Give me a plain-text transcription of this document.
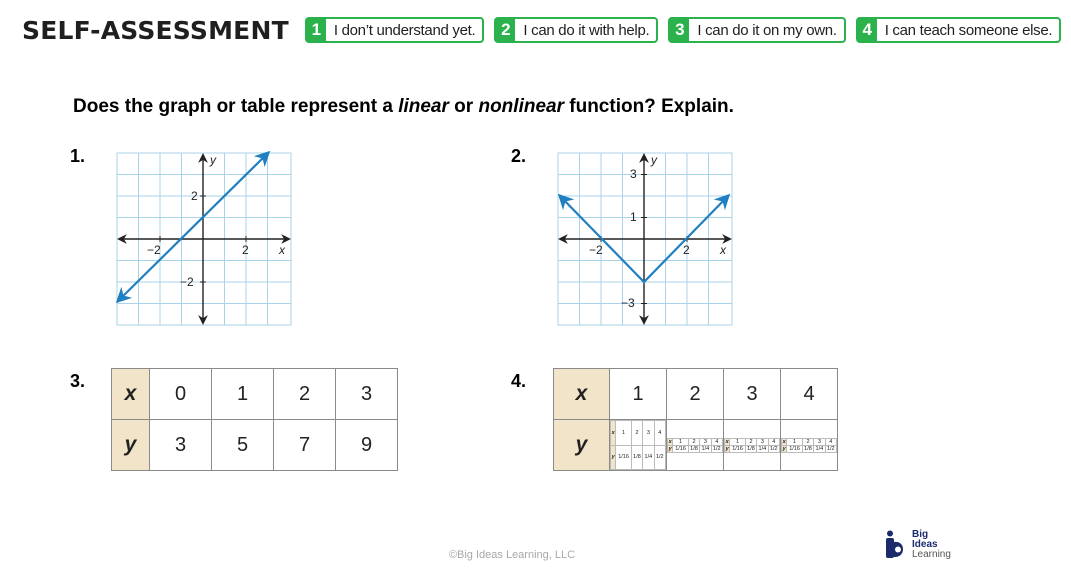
SELF-ASSESSMENT 1 I don’t understand yet.	2 I can do it with help.	3 I can do it on my own.	4 I can teach someone else.
Does the graph or table represent a linear or nonlinear function? Explain.
1.	2.
3.	4.
−2	2
2
−2
x
y
−2	2
3
1
−3
x
y
x	0	1	2	3
y	3	5	7	9
x	1	2	3	4
y	
x	1	2	3	4
y	1/16	1/8	1/4	1/2

x	1	2	3	4
y	1/16	1/8	1/4	1/2

x	1	2	3	4
y	1/16	1/8	1/4	1/2

x	1	2	3	4
y	1/16	1/8	1/4	1/2
©Big Ideas Learning, LLC
Big
Ideas
Learning
